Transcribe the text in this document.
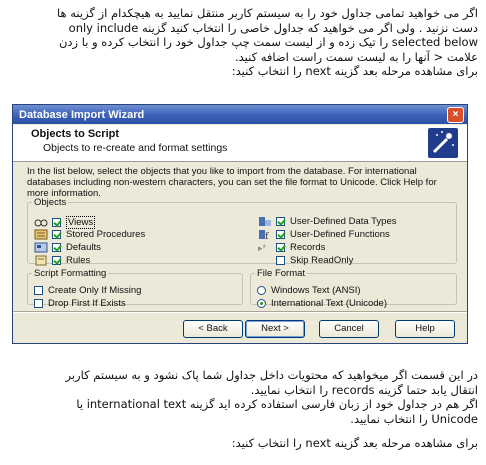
اگر می خواهید تمامی جداول خود را به سیستم کاربر منتقل نمایید به هیچکدام از گزینه ها
دست نزنید . ولی اگر می خواهید که جداول خاصی را انتخاب کنید گزینه only include
selected below را تیک زده و از لیست سمت چپ جداول خود را انتخاب کرده و با زدن
علامت < آنها را به لیست سمت راست اضافه کنید.
برای مشاهده مرحله بعد گزینه next را انتخاب کنید:
Database Import Wizard	×
Objects to Script
Objects to re-create and format settings
In the list below, select the objects that you like to import from the database. For international databases including non-western characters, you can set the file format to Unicode. Click Help for more information.
Objects
Views
Stored Procedures
Defaults
Rules
User-Defined Data Types
f User-Defined Functions
▸*	Records
Skip ReadOnly
Script Formatting
Create Only If Missing
Drop First If Exists
File Format
Windows Text (ANSI)
International Text (Unicode)
< Back	Next >	Cancel	Help
در این قسمت اگر میخواهید که محتویات داخل جداول شما پاک نشود و به سیستم کاربر
انتقال یابد حتما گزینه records را انتخاب نمایید.
اگر هم در جداول خود از زبان فارسی استفاده کرده اید گزینه international text یا
Unicode را انتخاب نمایید.
برای مشاهده مرحله بعد گزینه next را انتخاب کنید:
